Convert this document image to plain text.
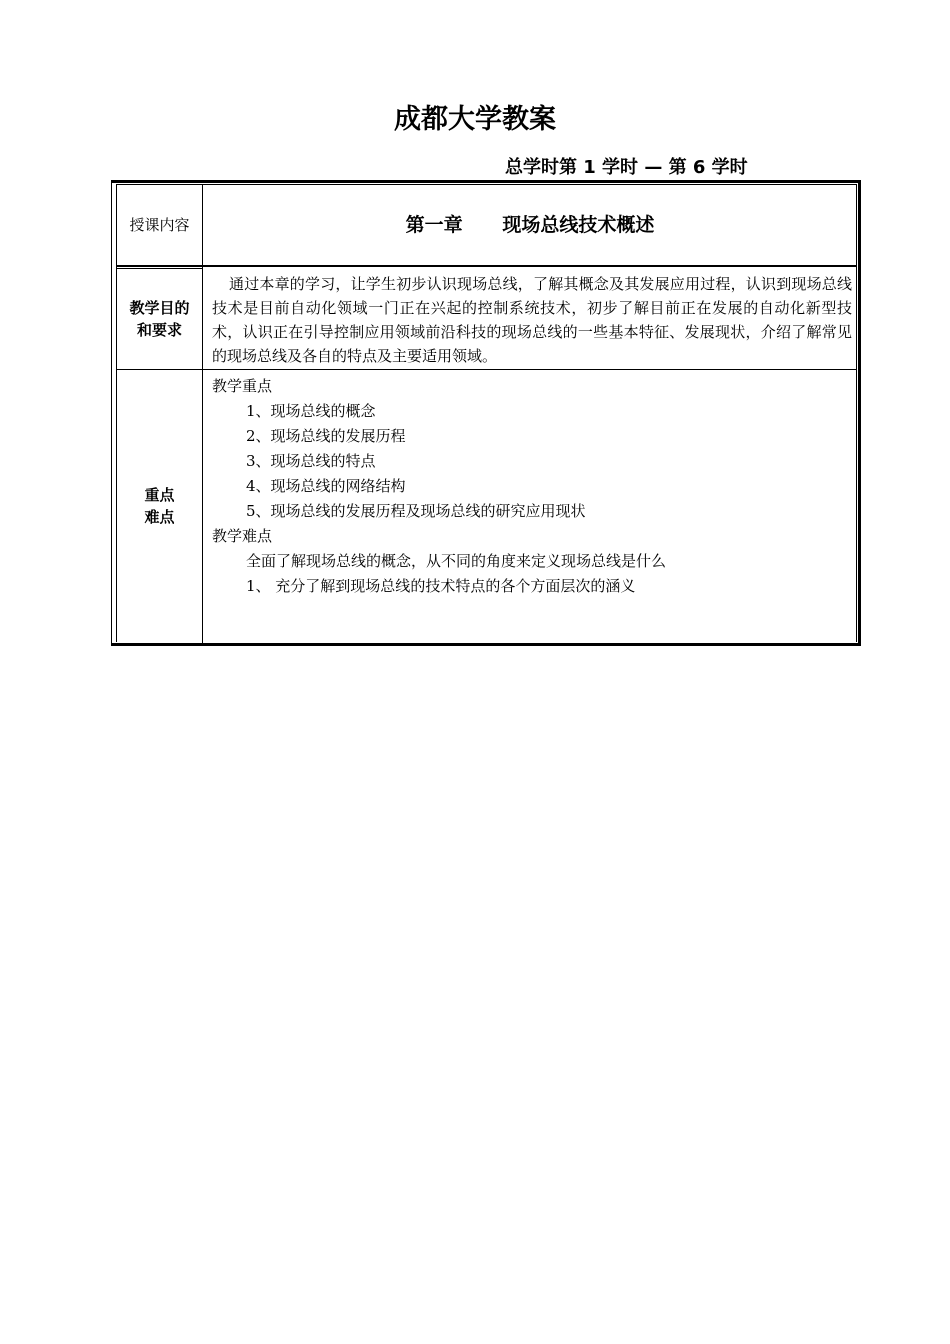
成都大学教案
总学时第 1 学时 — 第 6 学时
授课内容	第一章      现场总线技术概述
教学目的
和要求
通过本章的学习，让学生初步认识现场总线，了解其概念及其发展应用过程，认识到现场总线技术是目前自动化领域一门正在兴起的控制系统技术，初步了解目前正在发展的自动化新型技术，认识正在引导控制应用领域前沿科技的现场总线的一些基本特征、发展现状，介绍了解常见的现场总线及各自的特点及主要适用领域。
重点
难点
教学重点
1、现场总线的概念
2、现场总线的发展历程
3、现场总线的特点
4、现场总线的网络结构
5、现场总线的发展历程及现场总线的研究应用现状
教学难点
全面了解现场总线的概念，从不同的角度来定义现场总线是什么
1、 充分了解到现场总线的技术特点的各个方面层次的涵义
